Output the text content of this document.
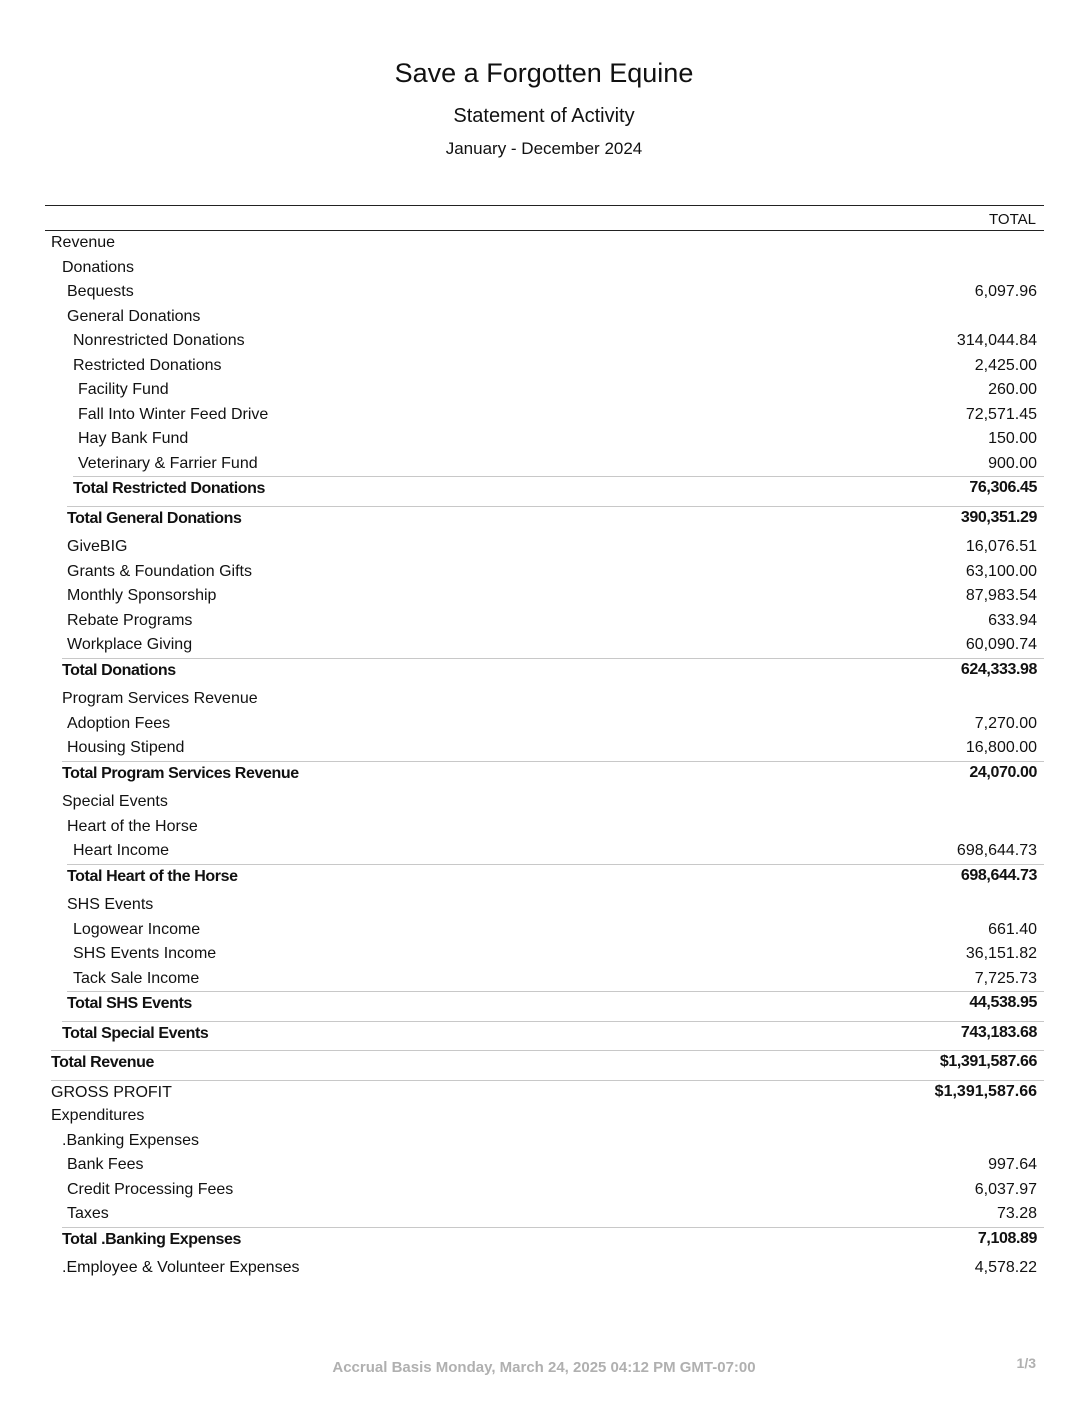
Save a Forgotten Equine
Statement of Activity
January - December 2024
TOTAL
Revenue
Donations
Bequests	6,097.96
General Donations
Nonrestricted Donations	314,044.84
Restricted Donations	2,425.00
Facility Fund	260.00
Fall Into Winter Feed Drive	72,571.45
Hay Bank Fund	150.00
Veterinary & Farrier Fund	900.00
Total Restricted Donations	76,306.45
Total General Donations	390,351.29
GiveBIG	16,076.51
Grants & Foundation Gifts	63,100.00
Monthly Sponsorship	87,983.54
Rebate Programs	633.94
Workplace Giving	60,090.74
Total Donations	624,333.98
Program Services Revenue
Adoption Fees	7,270.00
Housing Stipend	16,800.00
Total Program Services Revenue	24,070.00
Special Events
Heart of the Horse
Heart Income	698,644.73
Total Heart of the Horse	698,644.73
SHS Events
Logowear Income	661.40
SHS Events Income	36,151.82
Tack Sale Income	7,725.73
Total SHS Events	44,538.95
Total Special Events	743,183.68
Total Revenue	$1,391,587.66
GROSS PROFIT	$1,391,587.66
Expenditures
.Banking Expenses
Bank Fees	997.64
Credit Processing Fees	6,037.97
Taxes	73.28
Total .Banking Expenses	7,108.89
.Employee & Volunteer Expenses	4,578.22
Accrual Basis Monday, March 24, 2025 04:12 PM GMT-07:00	1/3
